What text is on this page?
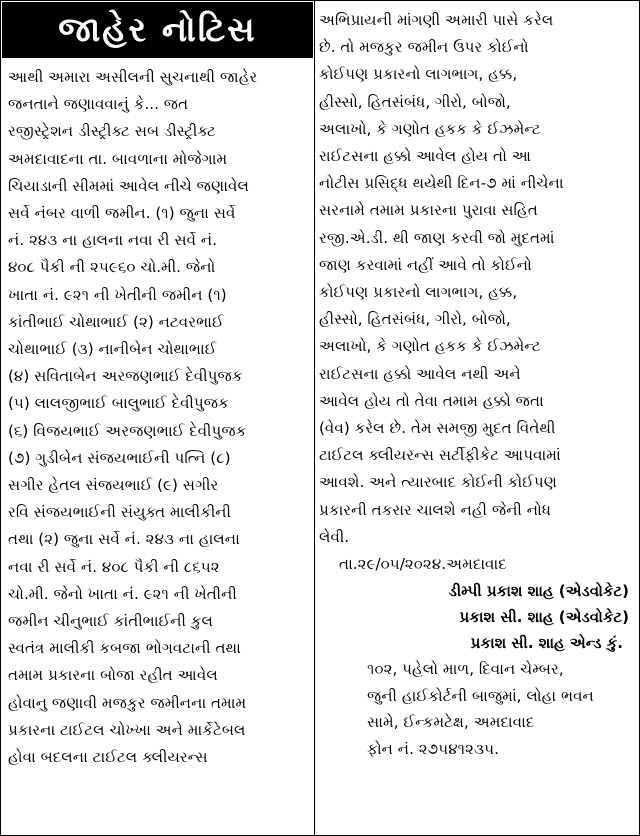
જાહેર નોટિસ
આથી અમારા અસીલની સુચનાથી જાહેર
જનતાને જણાવવાનું કે... જત
રજીસ્ટ્રેશન ડીસ્ટ્રીક્ટ સબ ડીસ્ટ્રીક્ટ
અમદાવાદના તા. બાવળાના મોજેગામ
ચિયાડાની સીમમાં આવેલ નીચે જણાવેલ
સર્વે નંબર વાળી જમીન. (૧) જુના સર્વે
નં. ૨૪૩ ના હાલના નવા રી સર્વે નં.
૪૦૮ પૈકી ની ૨૫૯૬૦ ચો.મી. જેનો
ખાતા નં. ૯૨૧ ની ખેતીની જમીન (૧)
કાંતીભાઈ ચોથાભાઈ (૨) નટવરભાઈ
ચોથાભાઈ (૩) નાનીબેન ચોથાભાઈ
(૪) સવિતાબેન અરજણભાઈ દેવીપુજક
(૫) લાલજીભાઈ બાલુભાઈ દેવીપુજક
(૬) વિજયભાઈ અરજણભાઈ દેવીપુજક
(૭) ગુડીબેન સંજયભાઈની પત્નિ (૮)
સગીર હેતલ સંજયભાઈ (૯) સગીર
રવિ સંજયભાઈની સંયુક્ત માલીકીની
તથા (૨) જુના સર્વે નં. ૨૪૩ ના હાલના
નવા રી સર્વે નં. ૪૦૮ પૈકી ની ૮૬૫૨
ચો.મી. જેનો ખાતા નં. ૯૨૧ ની ખેતીની
જમીન ચીનુભાઈ કાંતીભાઈની કુલ
સ્વતંત્ર માલીકી કબજા ભોગવટાની તથા
તમામ પ્રકારના બોજા રહીત આવેલ
હોવાનુ જણાવી મજકુર જમીનના તમામ
પ્રકારના ટાઈટલ ચોખ્ખા અને માર્કેટેબલ
હોવા બદલના ટાઈટલ ક્લીયરન્સ
અભિપ્રાયની માંગણી અમારી પાસે કરેલ
છે. તો મજકુર જમીન ઉપર કોઈનો
કોઈપણ પ્રકારનો લાગભાગ, હક્ક,
હીસ્સો, હિતસંબંધ, ગીરો, બોજો,
અલાખો, કે ગણોત હકક કે ઈઝમેન્ટ
રાઈટસના હક્કો આવેલ હોય તો આ
નોટીસ પ્રસિદ્ધ થયેથી દિન-૭ માં નીચેના
સરનામે તમામ પ્રકારના પુરાવા સહિત
રજી.એ.ડી. થી જાણ કરવી જો મુદતમાં
જાણ કરવામાં નહીં આવે તો કોઈનો
કોઈપણ પ્રકારનો લાગભાગ, હક્ક,
હીસ્સો, હિતસંબંધ, ગીરો, બોજો,
અલાખો, કે ગણોત હકક કે ઈઝમેન્ટ
રાઈટસના હક્કો આવેલ નથી અને
આવેલ હોય તો તેવા તમામ હક્કો જતા
(વેવ) કરેલ છે. તેમ સમજી મુદત વિતેથી
ટાઈટલ ક્લીયરન્સ સર્ટીફીકેટ આપવામાં
આવશે. અને ત્યારબાદ કોઈની કોઈપણ
પ્રકારની તકરાર ચાલશે નહી જેની નોધ
લેવી.
તા.૨૯/૦૫/૨૦૨૪.અમદાવાદ
ડીમ્પી પ્રકાશ શાહ (એડવોકેટ)
પ્રકાશ સી. શાહ (એડવોકેટ)
પ્રકાશ સી. શાહ એન્ડ કું.
૧૦૨, પહેલો માળ, દિવાન ચેમ્બર,
જુની હાઈકોર્ટની બાજુમાં, લોહા ભવન
સામે, ઈન્કમટેક્ષ, અમદાવાદ
ફોન નં. ૨૭૫૪૧૨૩૫.
